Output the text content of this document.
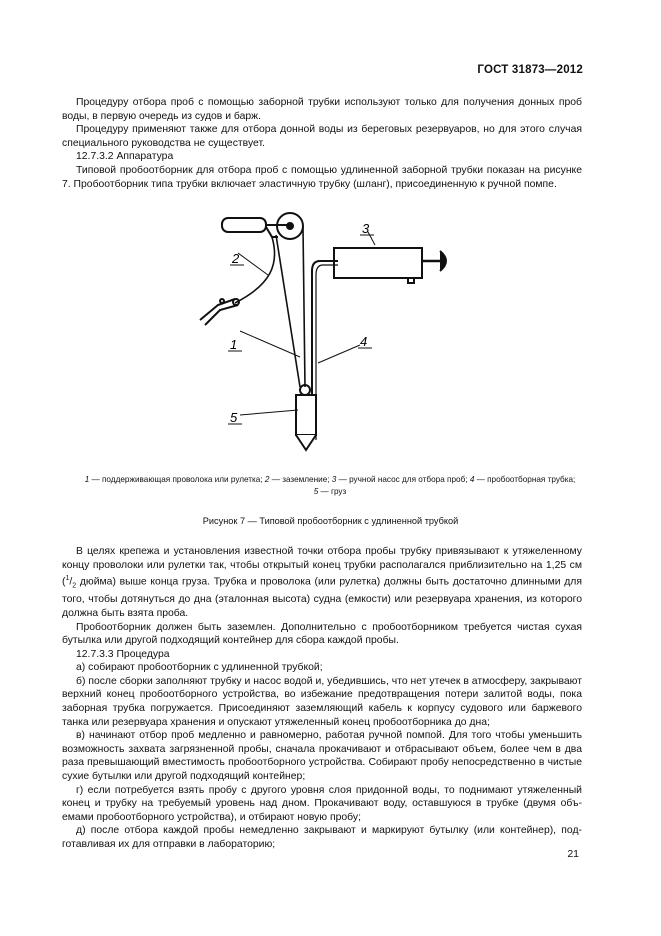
ГОСТ 31873—2012

Процедуру отбора проб с помощью заборной трубки используют только для получения донных проб воды, в первую очередь из судов и барж.

Процедуру применяют также для отбора донной воды из береговых резервуаров, но для этого случая специального руководства не существует.

12.7.3.2 Аппаратура

Типовой пробоотборник для отбора проб с помощью удлиненной заборной трубки показан на рисунке 7. Пробоотборник типа трубки включает эластичную трубку (шланг), присоединенную к ручной помпе.

1
2
3
4
5
1 — поддерживающая проволока или рулетка; 2 — заземление; 3 — ручной насос для отбора проб; 4 — пробоотборная трубка;
5 — груз
Рисунок 7 — Типовой пробоотборник с удлиненной трубкой

В целях крепежа и установления известной точки отбора пробы трубку привязывают к утяжеленному концу проволоки или рулетки так, чтобы открытый конец трубки располагался приблизительно на 1,25 см ($^1/_2$ дюйма) выше конца груза. Трубка и проволока (или рулетка) должны быть достаточно длинными для того, чтобы дотянуться до дна (эталонная высота) судна (емкости) или резервуара хранения, из которого должна быть взята проба.

Пробоотборник должен быть заземлен. Дополнительно с пробоотборником требуется чистая сухая бутылка или другой подходящий контейнер для сбора каждой пробы.

12.7.3.3 Процедура

а) собирают пробоотборник с удлиненной трубкой;

б) после сборки заполняют трубку и насос водой и, убедившись, что нет утечек в атмосферу, закрывают верхний конец пробоотборного устройства, во избежание предотвращения потери залитой воды, пока заборная трубка погружается. Присоединяют заземляющий кабель к корпусу судового или баржевого танка или резервуара хранения и опускают утяжеленный конец пробоотборника до дна;

в) начинают отбор проб медленно и равномерно, работая ручной помпой. Для того чтобы уменьшить возможность захвата загрязненной пробы, сначала прокачивают и отбрасывают объем, более чем в два раза превышающий вместимость пробоотборного устройства. Собирают пробу непосредственно в чистые сухие бутылки или другой подходящий контейнер;

г) если потребуется взять пробу с другого уровня слоя придонной воды, то поднимают утяжеленный конец и трубку на требуемый уровень над дном. Прокачивают воду, оставшуюся в трубке (двумя объемами пробоотборного устройства), и отбирают новую пробу;

д) после отбора каждой пробы немедленно закрывают и маркируют бутылку (или контейнер), подготавливая их для отправки в лабораторию;

21
